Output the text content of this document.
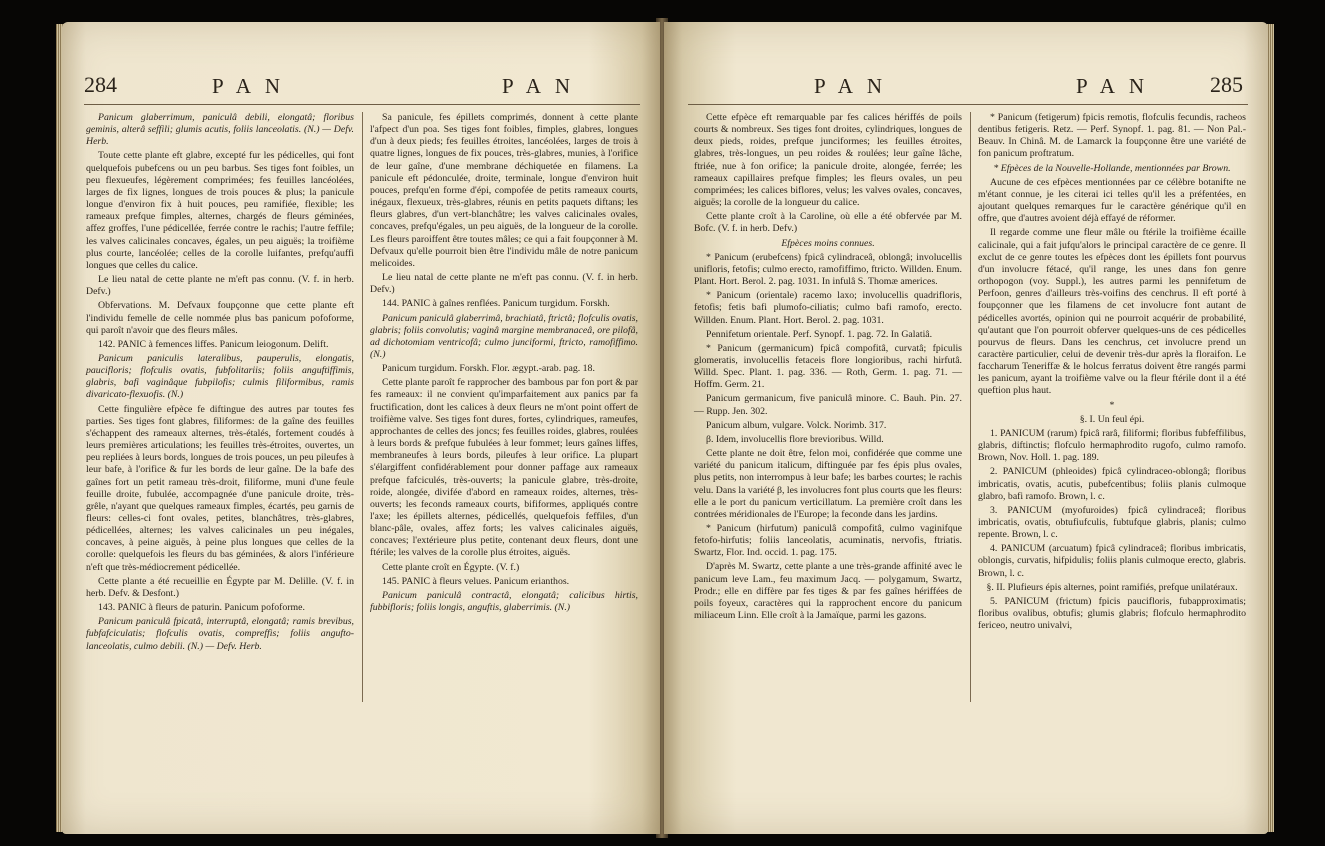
284	PAN	PAN

Panicum glaberrimum, paniculâ debili, elongatâ; floribus geminis, alterâ seffili; glumis acutis, foliis lanceolatis. (N.) — Defv. Herb.

Toute cette plante eft glabre, excepté fur les pédicelles, qui font quelquefois pubefcens ou un peu barbus. Ses tiges font foibles, un peu flexueufes, légèrement comprimées; fes feuilles lancéolées, larges de fix lignes, longues de trois pouces & plus; la panicule longue d'environ fix à huit pouces, peu ramifiée, flexible; les rameaux prefque fimples, alternes, chargés de fleurs géminées, affez groffes, l'une pédicellée, ferrée contre le rachis; l'autre feffile; les valves calicinales concaves, égales, un peu aiguës; la troifième plus courte, lancéolée; celles de la corolle luifantes, prefqu'auffi longues que celles du calice.

Le lieu natal de cette plante ne m'eft pas connu. (V. f. in herb. Defv.)

Obfervations. M. Defvaux foupçonne que cette plante eft l'individu femelle de celle nommée plus bas panicum pofoforme, qui paroît n'avoir que des fleurs mâles.

142. PANIC à femences liffes. Panicum leiogonum. Delift.

Panicum paniculis lateralibus, pauperulis, elongatis, paucifloris; flofculis ovatis, fubfolitariis; foliis anguftiffimis, glabris, bafi vaginâque fubpilofis; culmis filiformibus, ramis divaricato-flexuofis. (N.)

Cette fingulière efpèce fe diftingue des autres par toutes fes parties. Ses tiges font glabres, filiformes: de la gaîne des feuilles s'échappent des rameaux alternes, très-étalés, fortement coudés à leurs premières articulations; les feuilles très-étroites, ouvertes, un peu repliées à leurs bords, longues de trois pouces, un peu pileufes à leur bafe, à l'orifice & fur les bords de leur gaîne. De la bafe des gaînes fort un petit rameau très-droit, filiforme, muni d'une feule feuille droite, fubulée, accompagnée d'une panicule droite, très-grêle, n'ayant que quelques rameaux fimples, écartés, peu garnis de fleurs: celles-ci font ovales, petites, blanchâtres, très-glabres, pédicellées, alternes; les valves calicinales un peu inégales, concaves, à peine aiguës, à peine plus longues que celles de la corolle: quelquefois les fleurs du bas géminées, & alors l'inférieure n'eft que très-médiocrement pédicellée.

Cette plante a été recueillie en Égypte par M. Delille. (V. f. in herb. Defv. & Desfont.)

143. PANIC à fleurs de paturin. Panicum pofoforme.

Panicum paniculâ fpicatâ, interruptâ, elongatâ; ramis brevibus, fubfafciculatis; flofculis ovatis, compreffis; foliis angufto-lanceolatis, culmo debili. (N.) — Defv. Herb.

Sa panicule, fes épillets comprimés, donnent à cette plante l'afpect d'un poa. Ses tiges font foibles, fimples, glabres, longues d'un à deux pieds; fes feuilles étroites, lancéolées, larges de trois à quatre lignes, longues de fix pouces, très-glabres, munies, à l'orifice de leur gaîne, d'une membrane déchiquetée en filamens. La panicule eft pédonculée, droite, terminale, longue d'environ huit pouces, prefqu'en forme d'épi, compofée de petits rameaux courts, inégaux, flexueux, très-glabres, réunis en petits paquets diftans; les fleurs glabres, d'un vert-blanchâtre; les valves calicinales ovales, concaves, prefqu'égales, un peu aiguës, de la longueur de la corolle. Les fleurs paroiffent être toutes mâles; ce qui a fait foupçonner à M. Defvaux qu'elle pourroit bien être l'individu mâle de notre panicum melicoides.

Le lieu natal de cette plante ne m'eft pas connu. (V. f. in herb. Defv.)

144. PANIC à gaînes renflées. Panicum turgidum. Forskh.

Panicum paniculâ glaberrimâ, brachiatâ, ftrictâ; flofculis ovatis, glabris; foliis convolutis; vaginâ margine membranaceâ, ore pilofâ, ad dichotomiam ventricofâ; culmo junciformi, ftricto, ramofiffimo. (N.)

Panicum turgidum. Forskh. Flor. ægypt.-arab. pag. 18.

Cette plante paroît fe rapprocher des bambous par fon port & par fes rameaux: il ne convient qu'imparfaitement aux panics par fa fructification, dont les calices à deux fleurs ne m'ont point offert de troifième valve. Ses tiges font dures, fortes, cylindriques, rameufes, approchantes de celles des joncs; fes feuilles roides, glabres, roulées à leurs bords & prefque fubulées à leur fommet; leurs gaînes liffes, membraneufes à leurs bords, pileufes à leur orifice. La plupart s'élargiffent confidérablement pour donner paffage aux rameaux prefque fafciculés, très-ouverts; la panicule glabre, très-droite, roide, alongée, divifée d'abord en rameaux roides, alternes, très-ouverts; les feconds rameaux courts, bififormes, appliqués contre l'axe; les épillets alternes, pédicellés, quelquefois feffiles, d'un blanc-pâle, ovales, affez forts; les valves calicinales aiguës, concaves; l'extérieure plus petite, contenant deux fleurs, dont une ftérile; les valves de la corolle plus étroites, aiguës.

Cette plante croît en Égypte. (V. f.)

145. PANIC à fleurs velues. Panicum erianthos.

Panicum paniculâ contractâ, elongatâ; calicibus hirtis, fubbifloris; foliis longis, anguftis, glaberrimis. (N.)

PAN	PAN 285

Cette efpèce eft remarquable par fes calices hériffés de poils courts & nombreux. Ses tiges font droites, cylindriques, longues de deux pieds, roides, prefque junciformes; les feuilles étroites, glabres, très-longues, un peu roides & roulées; leur gaîne lâche, ftriée, nue à fon orifice; la panicule droite, alongée, ferrée; les rameaux capillaires prefque fimples; les fleurs ovales, un peu comprimées; les calices biflores, velus; les valves ovales, concaves, aiguës; la corolle de la longueur du calice.

Cette plante croît à la Caroline, où elle a été obfervée par M. Bofc. (V. f. in herb. Defv.)

Efpèces moins connues.

* Panicum (erubefcens) fpicâ cylindraceâ, oblongâ; involucellis unifloris, fetofis; culmo erecto, ramofiffimo, ftricto. Willden. Enum. Plant. Hort. Berol. 2. pag. 1031. In infulâ S. Thomæ americes.

* Panicum (orientale) racemo laxo; involucellis quadrifloris, fetofis; fetis bafi plumofo-ciliatis; culmo bafi ramofo, erecto. Willden. Enum. Plant. Hort. Berol. 2. pag. 1031.

Pennifetum orientale. Perf. Synopf. 1. pag. 72. In Galatiâ.

* Panicum (germanicum) fpicâ compofitâ, curvatâ; fpiculis glomeratis, involucellis fetaceis flore longioribus, rachi hirfutâ. Willd. Spec. Plant. 1. pag. 336. — Roth, Germ. 1. pag. 71. — Hoffm. Germ. 21.

Panicum germanicum, five paniculâ minore. C. Bauh. Pin. 27. — Rupp. Jen. 302.

Panicum album, vulgare. Volck. Norimb. 317.

β. Idem, involucellis flore brevioribus. Willd.

Cette plante ne doit être, felon moi, confidérée que comme une variété du panicum italicum, diftinguée par fes épis plus ovales, plus petits, non interrompus à leur bafe; les barbes courtes; le rachis velu. Dans la variété β, les involucres font plus courts que les fleurs: elle a le port du panicum verticillatum. La première croît dans les contrées méridionales de l'Europe; la feconde dans les jardins.

* Panicum (hirfutum) paniculâ compofitâ, culmo vaginifque fetofo-hirfutis; foliis lanceolatis, acuminatis, nervofis, ftriatis. Swartz, Flor. Ind. occid. 1. pag. 175.

D'après M. Swartz, cette plante a une très-grande affinité avec le panicum leve Lam., feu maximum Jacq. — polygamum, Swartz, Prodr.; elle en diffère par fes tiges & par fes gaînes hériffées de poils foyeux, caractères qui la rapprochent encore du panicum miliaceum Linn. Elle croît à la Jamaïque, parmi les gazons.

* Panicum (fetigerum) fpicis remotis, flofculis fecundis, racheos dentibus fetigeris. Retz. — Perf. Synopf. 1. pag. 81. — Non Pal.-Beauv. In Chinâ. M. de Lamarck la foupçonne être une variété de fon panicum proftratum.

* Efpèces de la Nouvelle-Hollande, mentionnées par Brown.

Aucune de ces efpèces mentionnées par ce célèbre botanifte ne m'étant connue, je les citerai ici telles qu'il les a préfentées, en ajoutant quelques remarques fur le caractère générique qu'il en offre, que d'autres avoient déjà effayé de réformer.

Il regarde comme une fleur mâle ou ftérile la troifième écaille calicinale, qui a fait jufqu'alors le principal caractère de ce genre. Il exclut de ce genre toutes les efpèces dont les épillets font pourvus d'un involucre fétacé, qu'il range, les unes dans fon genre orthopogon (voy. Suppl.), les autres parmi les pennifetum de Perfoon, genres d'ailleurs très-voifins des cenchrus. Il eft porté à foupçonner que les filamens de cet involucre font autant de pédicelles avortés, opinion qui ne pourroit acquérir de probabilité, qu'autant que l'on pourroit obferver quelques-uns de ces pédicelles pourvus de fleurs. Dans les cenchrus, cet involucre prend un caractère particulier, celui de devenir très-dur après la floraifon. Le faccharum Teneriffæ & le holcus ferratus doivent être rangés parmi les panicum, ayant la troifième valve ou la fleur ftérile dont il a été queftion plus haut.

*

§. I. Un feul épi.

1. PANICUM (rarum) fpicâ rarâ, filiformi; floribus fubfeffilibus, glabris, diftinctis; flofculo hermaphrodito rugofo, culmo ramofo. Brown, Nov. Holl. 1. pag. 189.

2. PANICUM (phleoides) fpicâ cylindraceo-oblongâ; floribus imbricatis, ovatis, acutis, pubefcentibus; foliis planis culmoque glabro, bafi ramofo. Brown, l. c.

3. PANICUM (myofuroides) fpicâ cylindraceâ; floribus imbricatis, ovatis, obtufiufculis, fubtufque glabris, planis; culmo repente. Brown, l. c.

4. PANICUM (arcuatum) fpicâ cylindraceâ; floribus imbricatis, oblongis, curvatis, hifpidulis; foliis planis culmoque erecto, glabris. Brown, l. c.

§. II. Plufieurs épis alternes, point ramifiés, prefque unilatéraux.

5. PANICUM (frictum) fpicis paucifloris, fubapproximatis; floribus ovalibus, obtufis; glumis glabris; flofculo hermaphrodito fericeo, neutro univalvi,
